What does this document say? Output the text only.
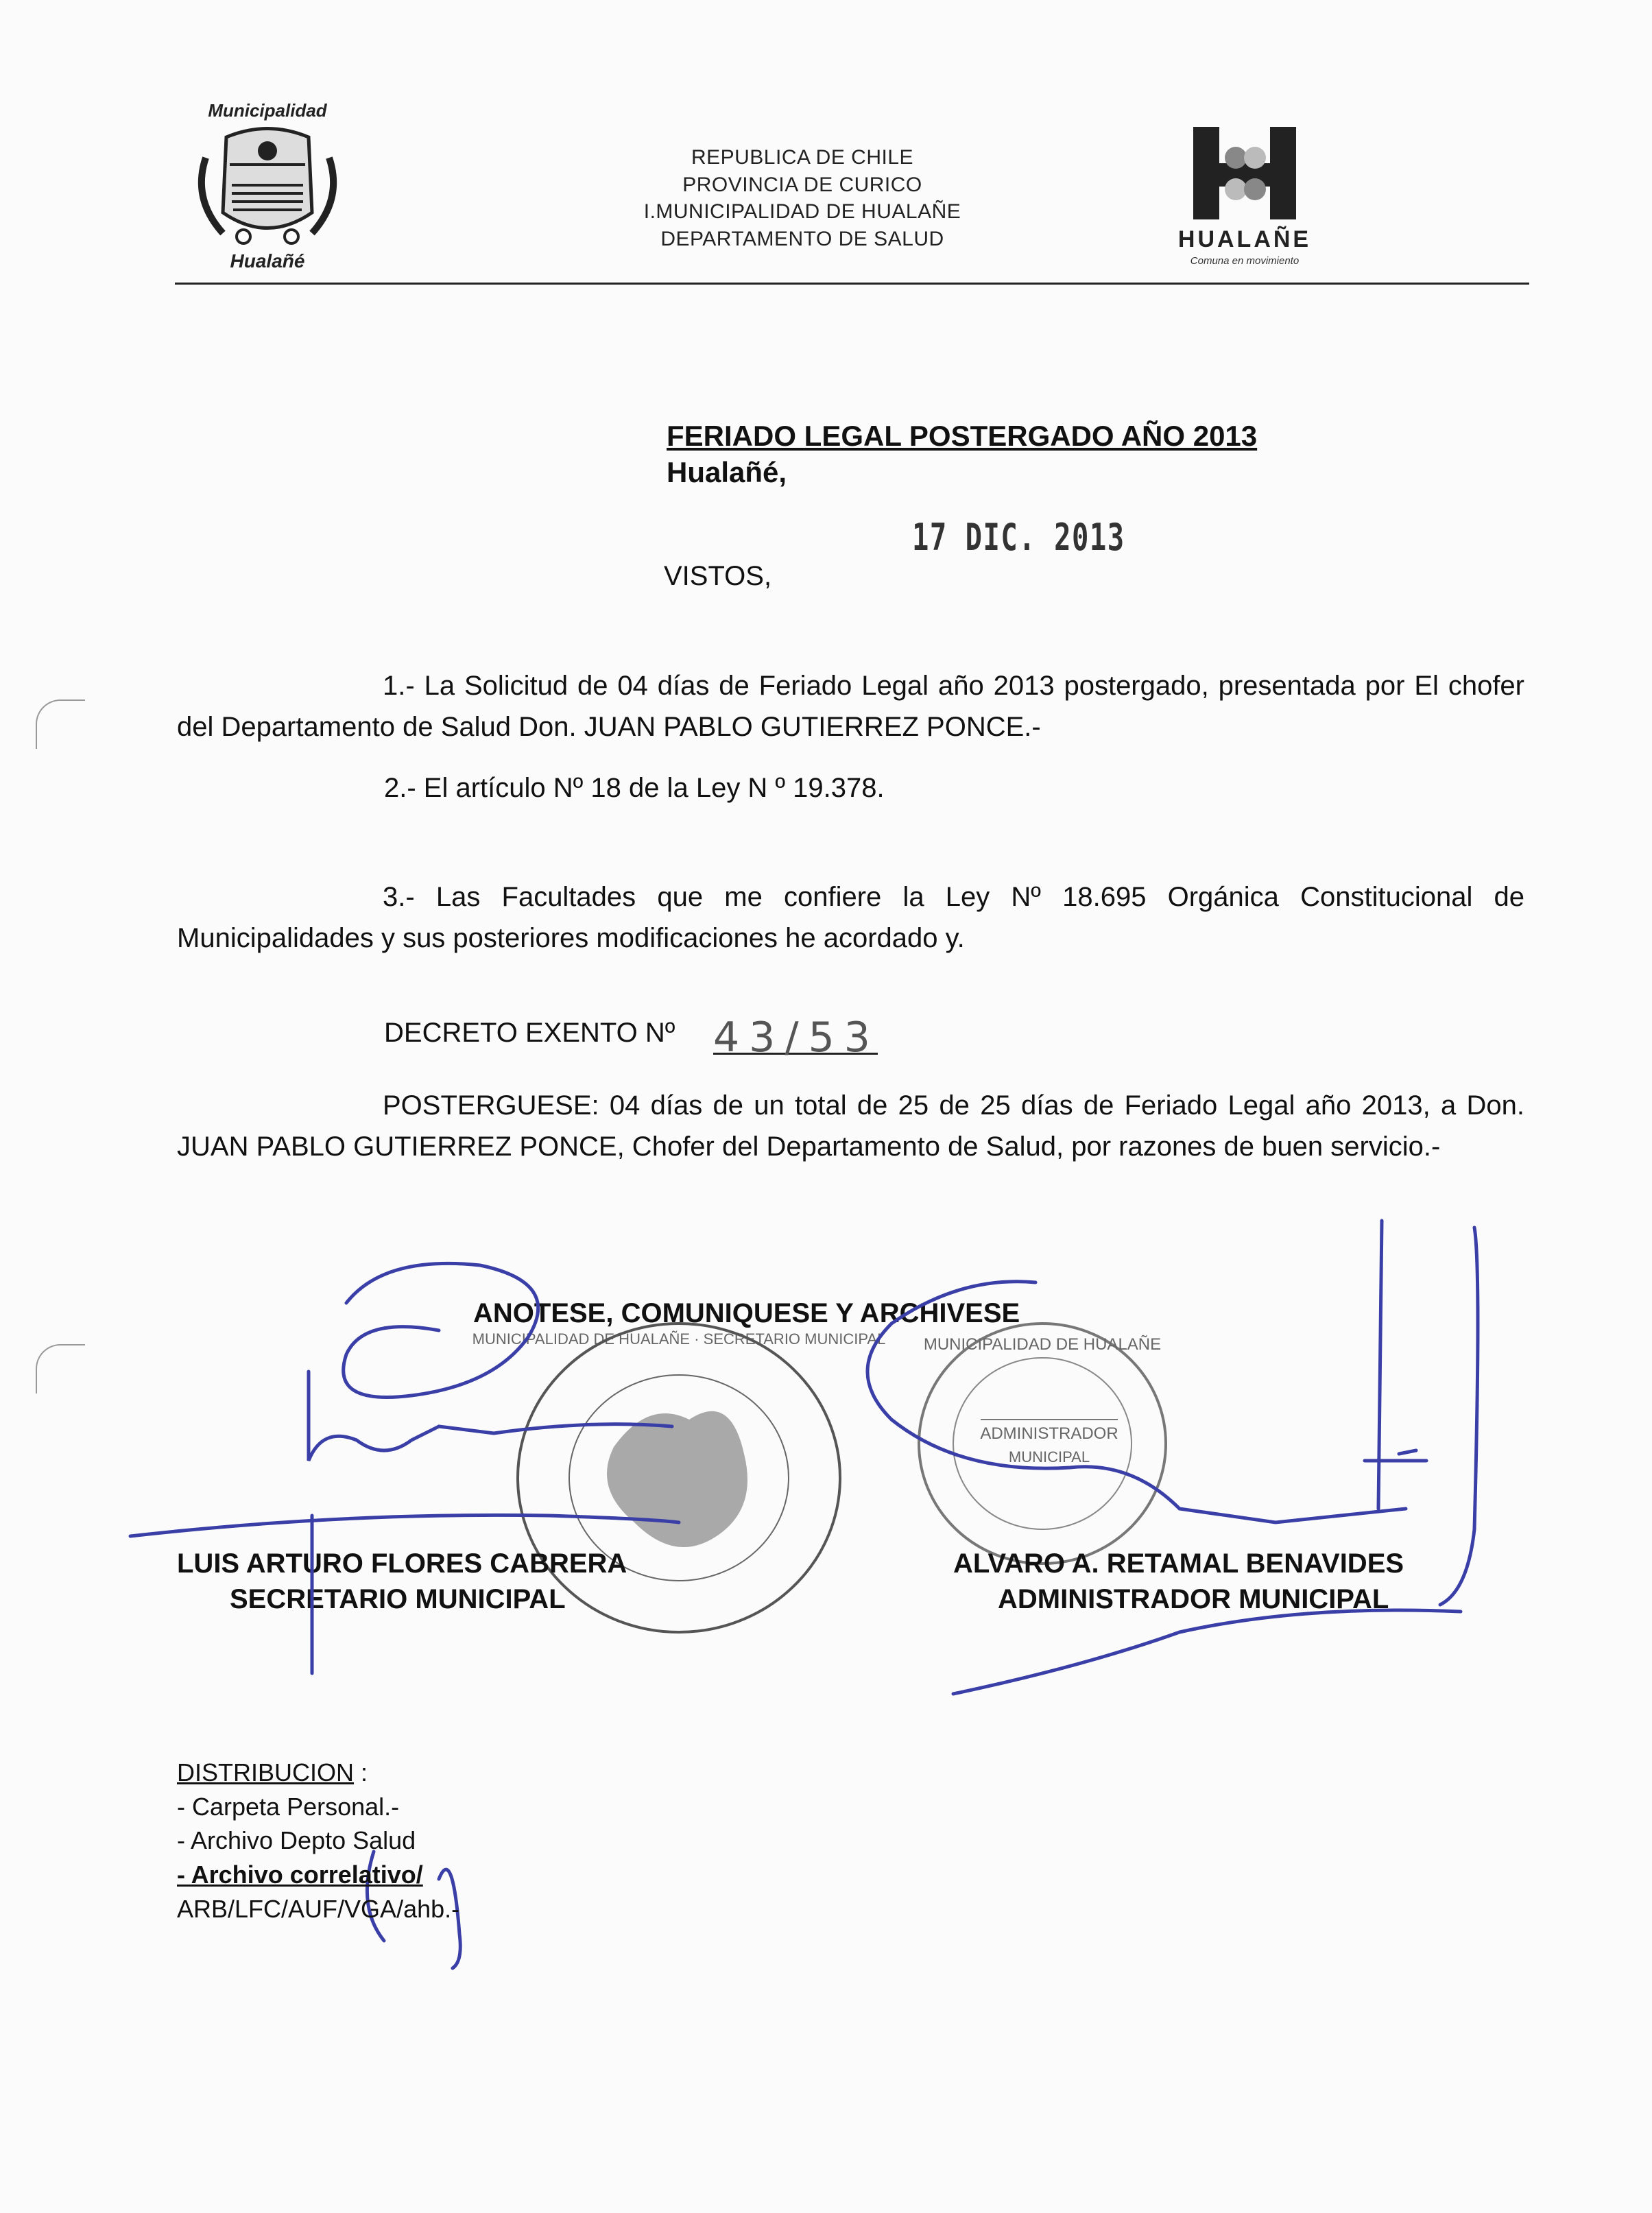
Municipalidad
Hualañé
REPUBLICA DE CHILE
PROVINCIA DE CURICO
I.MUNICIPALIDAD DE HUALAÑE
DEPARTAMENTO DE SALUD	HUALAÑE
Comuna en movimiento
FERIADO LEGAL POSTERGADO AÑO 2013
Hualañé,
17 DIC. 2013
VISTOS,
1.- La Solicitud de 04 días de Feriado Legal año 2013 postergado, presentada por El chofer del Departamento de Salud Don. JUAN PABLO GUTIERREZ PONCE.-
2.- El artículo Nº 18 de la Ley N º 19.378.
3.- Las Facultades que me confiere la Ley Nº 18.695 Orgánica Constitucional de Municipalidades y sus posteriores modificaciones he acordado y.
DECRETO EXENTO Nº 43/53
POSTERGUESE: 04 días de un total de 25 de 25 días de Feriado Legal año 2013, a Don. JUAN PABLO GUTIERREZ PONCE, Chofer del Departamento de Salud, por razones de buen servicio.-
MUNICIPALIDAD DE HUALAÑE · SECRETARIO MUNICIPAL MUNICIPALIDAD DE HUALAÑE
ADMINISTRADOR
MUNICIPAL
ANOTESE, COMUNIQUESE Y ARCHIVESE
LUIS ARTURO FLORES CABRERA
SECRETARIO MUNICIPAL
ALVARO A. RETAMAL BENAVIDES
ADMINISTRADOR MUNICIPAL
DISTRIBUCION :
- Carpeta Personal.-
- Archivo Depto Salud
- Archivo correlativo/
ARB/LFC/AUF/VGA/ahb.-
